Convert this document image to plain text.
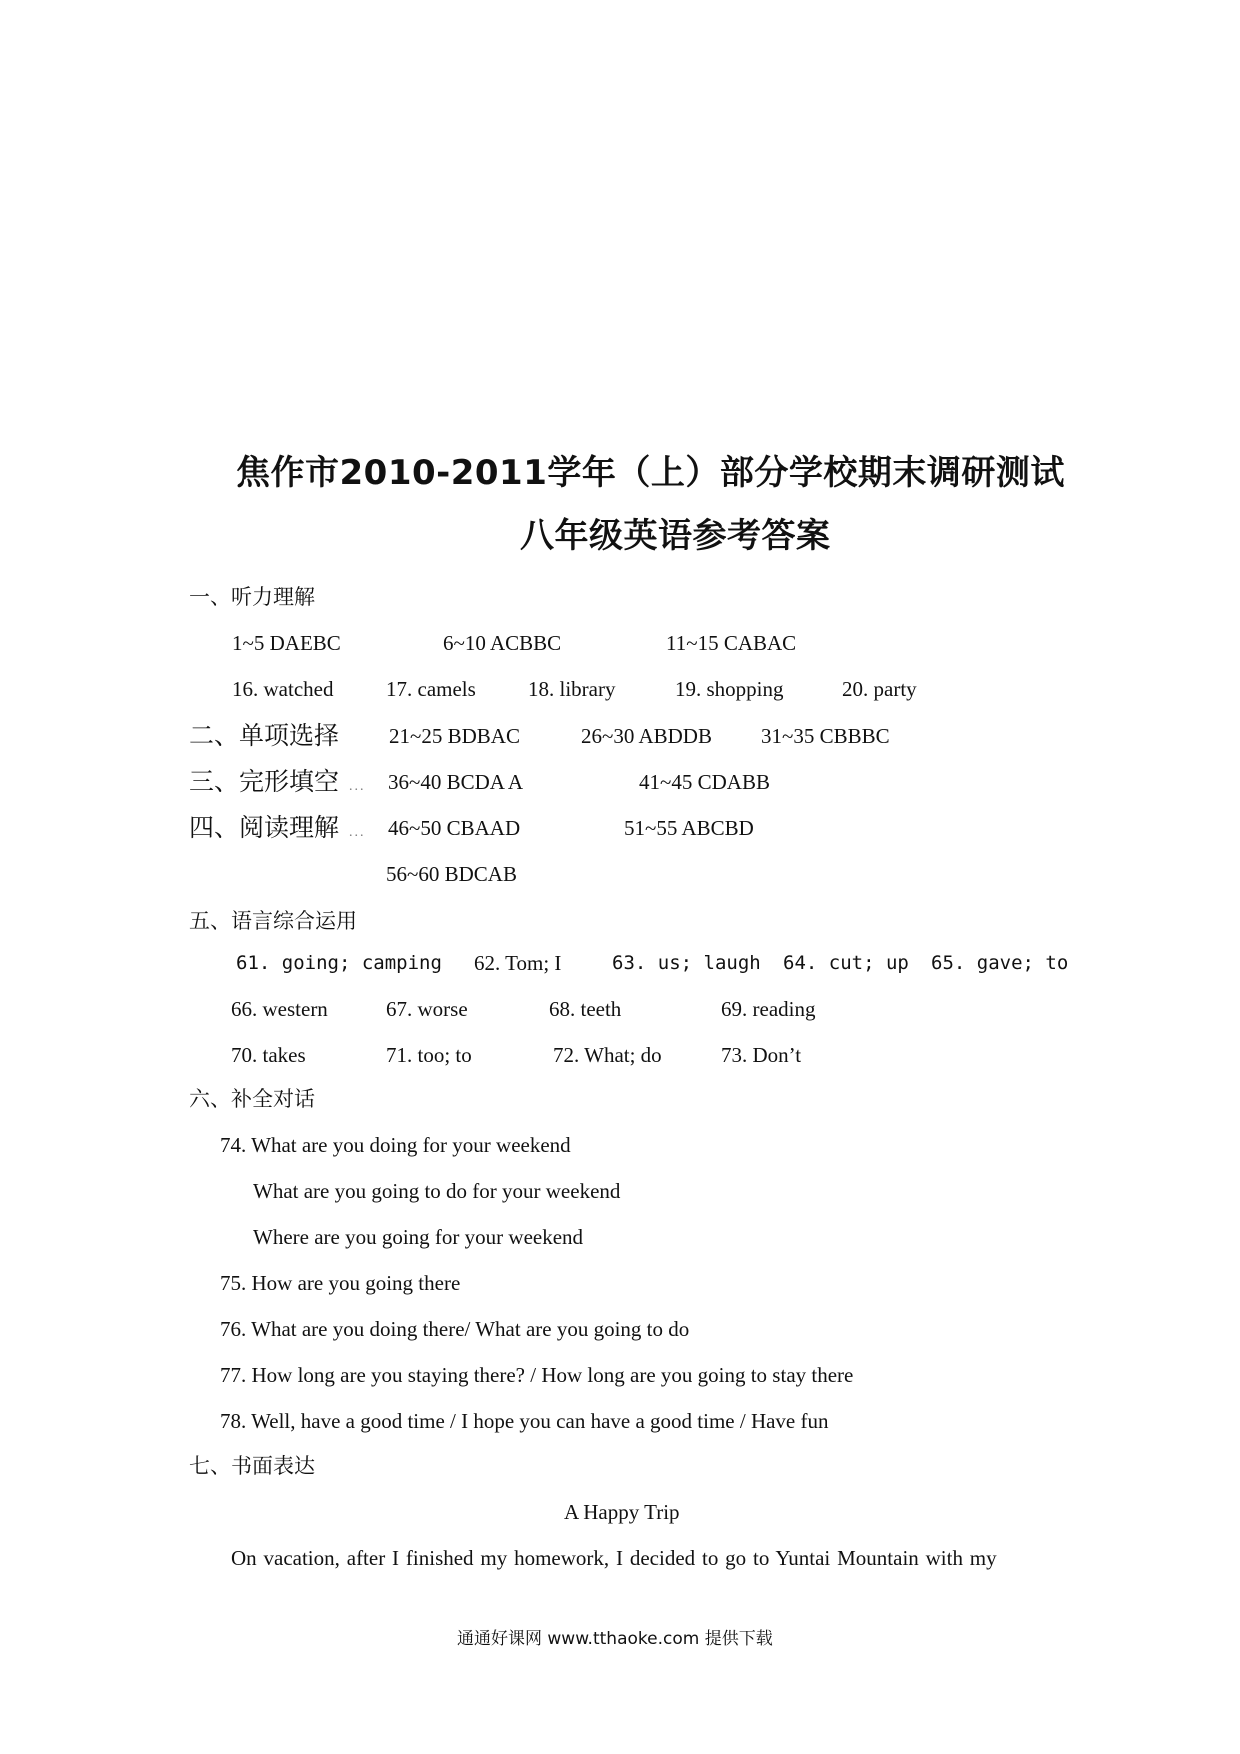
焦作市2010-2011学年（上）部分学校期末调研测试
八年级英语参考答案
一、听力理解
1~5 DAEBC	6~10 ACBBC	11~15 CABAC
16. watched	17. camels 18. library	19. shopping	20. party
二、单项选择 21~25 BDBAC	26~30 ABDDB 31~35 CBBBC
三、完形填空 ... 36~40 BCDA A	41~45 CDABB
四、阅读理解 ... 46~50 CBAAD	51~55 ABCBD
56~60 BDCAB
五、语言综合运用
61. going; camping 62. Tom; I	63. us; laugh 64. cut; up 65. gave; to
66. western	67. worse	68. teeth	69. reading
70. takes	71. too; to	72. What; do	73. Don’t
六、补全对话
74. What are you doing for your weekend
What are you going to do for your weekend
Where are you going for your weekend
75. How are you going there
76. What are you doing there/ What are you going to do
77. How long are you staying there? / How long are you going to stay there
78. Well, have a good time / I hope you can have a good time / Have fun
七、书面表达
A Happy Trip
On vacation, after I finished my homework, I decided to go to Yuntai Mountain with my
通通好课网 www.tthaoke.com 提供下载
